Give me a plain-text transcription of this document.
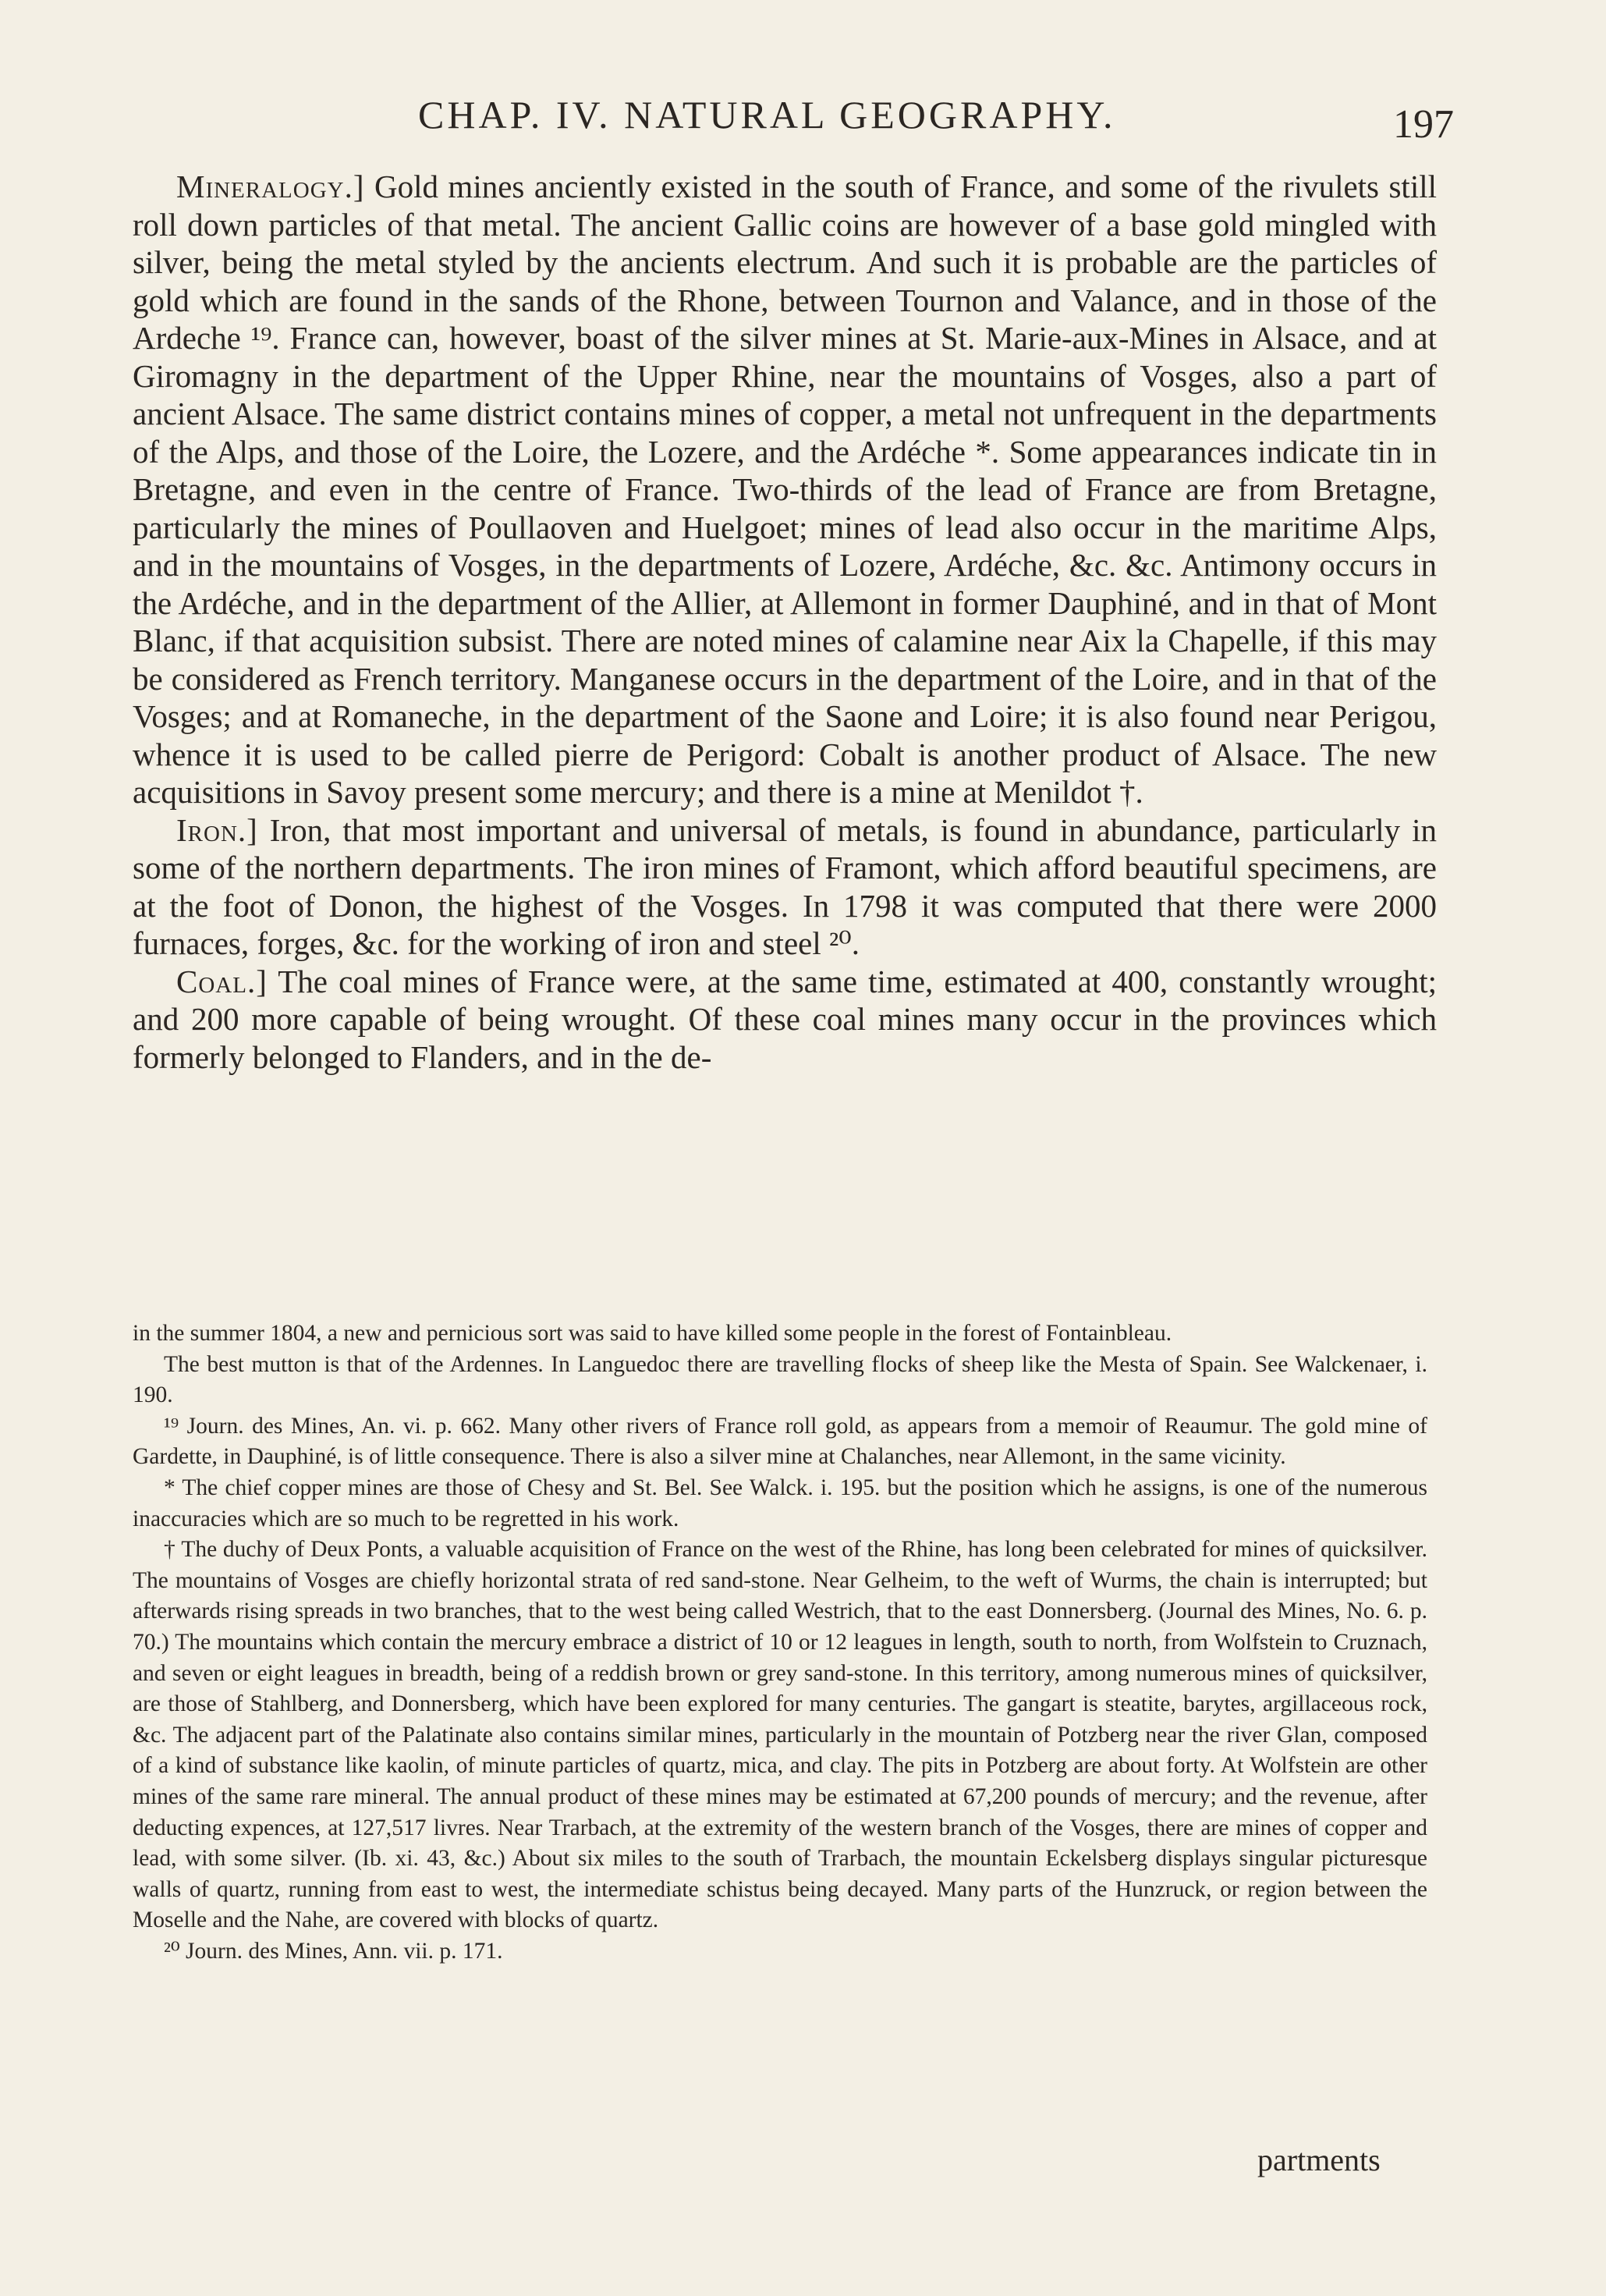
CHAP. IV. NATURAL GEOGRAPHY.	197

Mineralogy.] Gold mines anciently existed in the south of France, and some of the rivulets still roll down particles of that metal. The ancient Gallic coins are however of a base gold mingled with silver, being the metal styled by the ancients electrum. And such it is probable are the particles of gold which are found in the sands of the Rhone, between Tournon and Valance, and in those of the Ardeche ¹⁹. France can, however, boast of the silver mines at St. Marie-aux-Mines in Alsace, and at Giromagny in the department of the Upper Rhine, near the mountains of Vosges, also a part of ancient Alsace. The same district contains mines of copper, a metal not unfrequent in the departments of the Alps, and those of the Loire, the Lozere, and the Ardéche *. Some appearances indicate tin in Bretagne, and even in the centre of France. Two-thirds of the lead of France are from Bretagne, particularly the mines of Poullaoven and Huelgoet; mines of lead also occur in the maritime Alps, and in the mountains of Vosges, in the departments of Lozere, Ardéche, &c. &c. Antimony occurs in the Ardéche, and in the department of the Allier, at Allemont in former Dauphiné, and in that of Mont Blanc, if that acquisition subsist. There are noted mines of calamine near Aix la Chapelle, if this may be considered as French territory. Manganese occurs in the department of the Loire, and in that of the Vosges; and at Romaneche, in the department of the Saone and Loire; it is also found near Perigou, whence it is used to be called pierre de Perigord: Cobalt is another product of Alsace. The new acquisitions in Savoy present some mercury; and there is a mine at Menildot †.

Iron.] Iron, that most important and universal of metals, is found in abundance, particularly in some of the northern departments. The iron mines of Framont, which afford beautiful specimens, are at the foot of Donon, the highest of the Vosges. In 1798 it was computed that there were 2000 furnaces, forges, &c. for the working of iron and steel ²⁰.

Coal.] The coal mines of France were, at the same time, estimated at 400, constantly wrought; and 200 more capable of being wrought. Of these coal mines many occur in the provinces which formerly belonged to Flanders, and in the de-

in the summer 1804, a new and pernicious sort was said to have killed some people in the forest of Fontainbleau.

The best mutton is that of the Ardennes. In Languedoc there are travelling flocks of sheep like the Mesta of Spain. See Walckenaer, i. 190.

¹⁹ Journ. des Mines, An. vi. p. 662. Many other rivers of France roll gold, as appears from a memoir of Reaumur. The gold mine of Gardette, in Dauphiné, is of little consequence. There is also a silver mine at Chalanches, near Allemont, in the same vicinity.

* The chief copper mines are those of Chesy and St. Bel. See Walck. i. 195. but the position which he assigns, is one of the numerous inaccuracies which are so much to be regretted in his work.

† The duchy of Deux Ponts, a valuable acquisition of France on the west of the Rhine, has long been celebrated for mines of quicksilver. The mountains of Vosges are chiefly horizontal strata of red sand-stone. Near Gelheim, to the weft of Wurms, the chain is interrupted; but afterwards rising spreads in two branches, that to the west being called Westrich, that to the east Donnersberg. (Journal des Mines, No. 6. p. 70.) The mountains which contain the mercury embrace a district of 10 or 12 leagues in length, south to north, from Wolfstein to Cruznach, and seven or eight leagues in breadth, being of a reddish brown or grey sand-stone. In this territory, among numerous mines of quicksilver, are those of Stahlberg, and Donnersberg, which have been explored for many centuries. The gangart is steatite, barytes, argillaceous rock, &c. The adjacent part of the Palatinate also contains similar mines, particularly in the mountain of Potzberg near the river Glan, composed of a kind of substance like kaolin, of minute particles of quartz, mica, and clay. The pits in Potzberg are about forty. At Wolfstein are other mines of the same rare mineral. The annual product of these mines may be estimated at 67,200 pounds of mercury; and the revenue, after deducting expences, at 127,517 livres. Near Trarbach, at the extremity of the western branch of the Vosges, there are mines of copper and lead, with some silver. (Ib. xi. 43, &c.) About six miles to the south of Trarbach, the mountain Eckelsberg displays singular picturesque walls of quartz, running from east to west, the intermediate schistus being decayed. Many parts of the Hunzruck, or region between the Moselle and the Nahe, are covered with blocks of quartz.

²⁰ Journ. des Mines, Ann. vii. p. 171.

partments
